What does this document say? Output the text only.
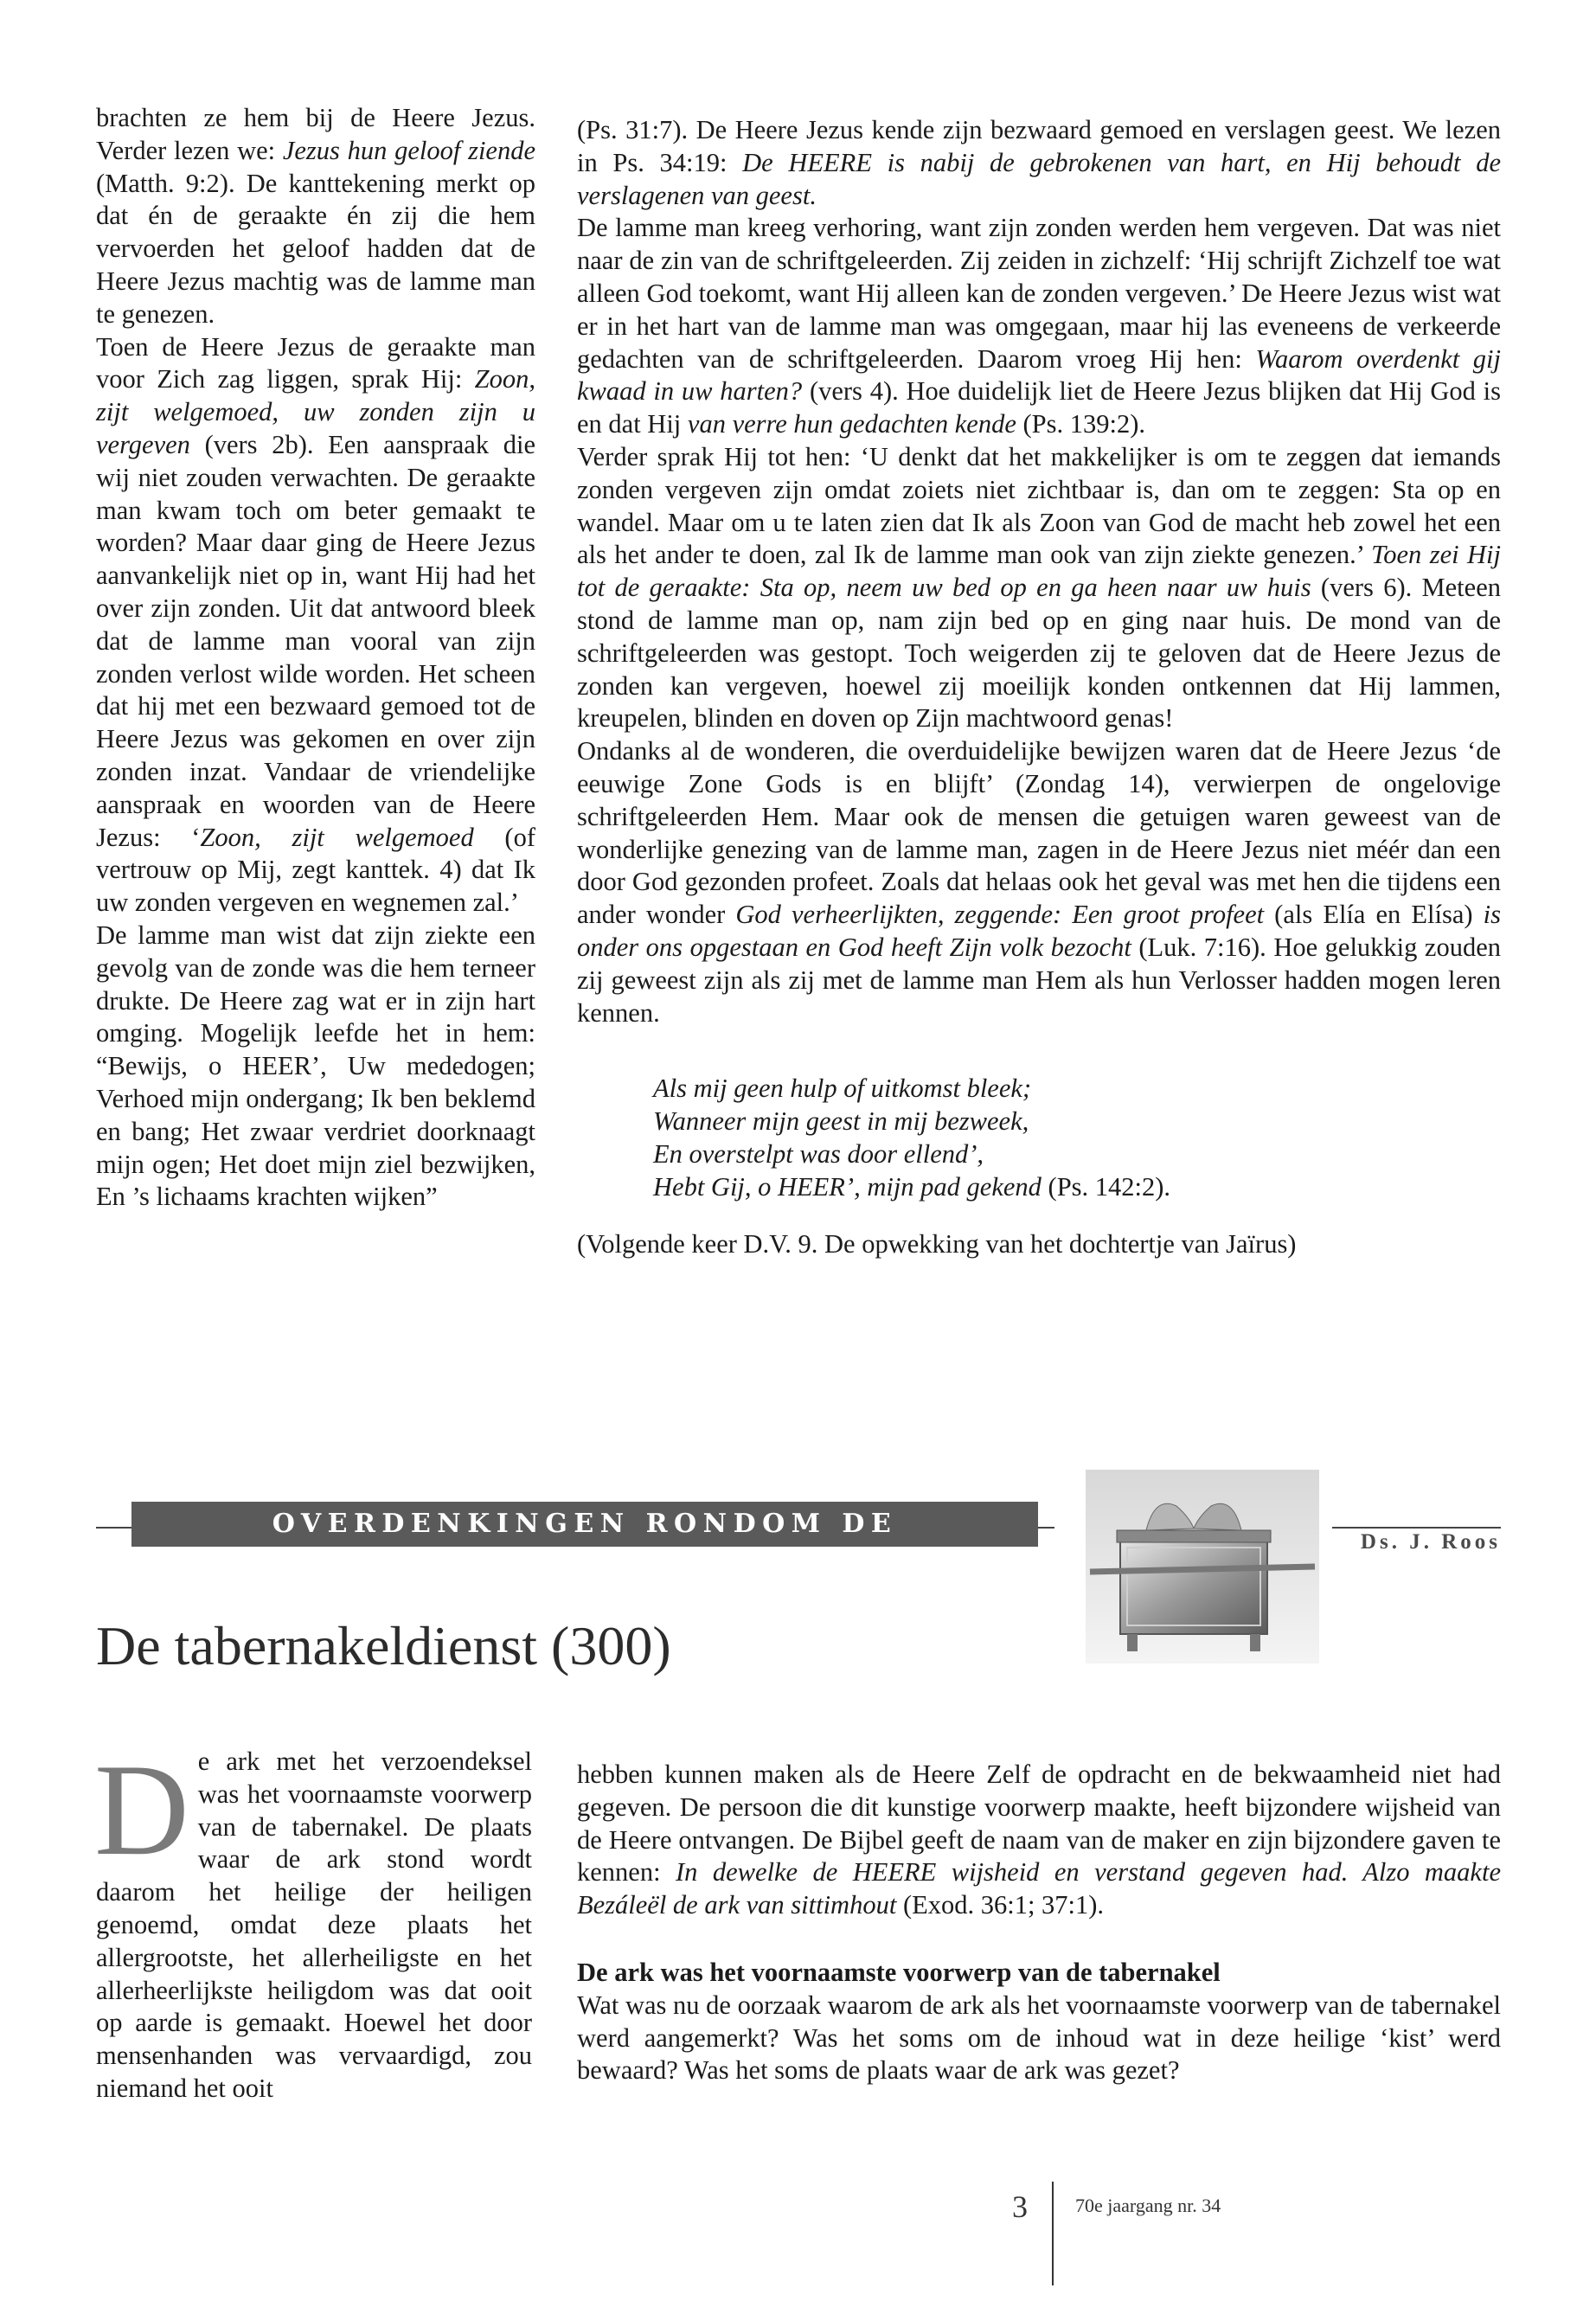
brachten ze hem bij de Heere Jezus. Verder lezen we: Jezus hun geloof ziende (Matth. 9:2). De kanttekening merkt op dat én de geraakte én zij die hem vervoerden het geloof hadden dat de Heere Jezus machtig was de lamme man te genezen.

Toen de Heere Jezus de geraakte man voor Zich zag liggen, sprak Hij: Zoon, zijt welgemoed, uw zonden zijn u vergeven (vers 2b). Een aanspraak die wij niet zouden verwachten. De geraakte man kwam toch om beter gemaakt te worden? Maar daar ging de Heere Jezus aanvankelijk niet op in, want Hij had het over zijn zonden. Uit dat antwoord bleek dat de lamme man vooral van zijn zonden verlost wilde worden. Het scheen dat hij met een bezwaard gemoed tot de Heere Jezus was gekomen en over zijn zonden inzat. Vandaar de vriendelijke aanspraak en woorden van de Heere Jezus: ‘Zoon, zijt welgemoed (of vertrouw op Mij, zegt kanttek. 4) dat Ik uw zonden vergeven en wegnemen zal.’

De lamme man wist dat zijn ziekte een gevolg van de zonde was die hem terneer drukte. De Heere zag wat er in zijn hart omging. Mogelijk leefde het in hem: “Bewijs, o HEER’, Uw mededogen; Verhoed mijn ondergang; Ik ben beklemd en bang; Het zwaar verdriet doorknaagt mijn ogen; Het doet mijn ziel bezwijken, En ’s lichaams krachten wijken”

(Ps. 31:7). De Heere Jezus kende zijn bezwaard gemoed en verslagen geest. We lezen in Ps. 34:19: De HEERE is nabij de gebrokenen van hart, en Hij behoudt de verslagenen van geest.

De lamme man kreeg verhoring, want zijn zonden werden hem vergeven. Dat was niet naar de zin van de schriftgeleerden. Zij zeiden in zichzelf: ‘Hij schrijft Zichzelf toe wat alleen God toekomt, want Hij alleen kan de zonden vergeven.’ De Heere Jezus wist wat er in het hart van de lamme man was omgegaan, maar hij las eveneens de verkeerde gedachten van de schriftgeleerden. Daarom vroeg Hij hen: Waarom overdenkt gij kwaad in uw harten? (vers 4). Hoe duidelijk liet de Heere Jezus blijken dat Hij God is en dat Hij van verre hun gedachten kende (Ps. 139:2).

Verder sprak Hij tot hen: ‘U denkt dat het makkelijker is om te zeggen dat iemands zonden vergeven zijn omdat zoiets niet zichtbaar is, dan om te zeggen: Sta op en wandel. Maar om u te laten zien dat Ik als Zoon van God de macht heb zowel het een als het ander te doen, zal Ik de lamme man ook van zijn ziekte genezen.’ Toen zei Hij tot de geraakte: Sta op, neem uw bed op en ga heen naar uw huis (vers 6). Meteen stond de lamme man op, nam zijn bed op en ging naar huis. De mond van de schriftgeleerden was gestopt. Toch weigerden zij te geloven dat de Heere Jezus de zonden kan vergeven, hoewel zij moeilijk konden ontkennen dat Hij lammen, kreupelen, blinden en doven op Zijn machtwoord genas!

Ondanks al de wonderen, die overduidelijke bewijzen waren dat de Heere Jezus ‘de eeuwige Zone Gods is en blijft’ (Zondag 14), verwierpen de ongelovige schriftgeleerden Hem. Maar ook de mensen die getuigen waren geweest van de wonderlijke genezing van de lamme man, zagen in de Heere Jezus niet méér dan een door God gezonden profeet. Zoals dat helaas ook het geval was met hen die tijdens een ander wonder God verheerlijkten, zeggende: Een groot profeet (als Elía en Elísa) is onder ons opgestaan en God heeft Zijn volk bezocht (Luk. 7:16). Hoe gelukkig zouden zij geweest zijn als zij met de lamme man Hem als hun Verlosser hadden mogen leren kennen.

Als mij geen hulp of uitkomst bleek;
Wanneer mijn geest in mij bezweek,
En overstelpt was door ellend’,
Hebt Gij, o HEER’, mijn pad gekend (Ps. 142:2).

(Volgende keer D.V. 9. De opwekking van het dochtertje van Jaïrus)

OVERDENKINGEN RONDOM DE TABERNAKEL
Ds. J. Roos
De tabernakeldienst (300)

D e ark met het verzoendeksel was het voornaamste voorwerp van de tabernakel. De plaats waar de ark stond wordt daarom het heilige der heiligen genoemd, omdat deze plaats het allergrootste, het allerheiligste en het allerheerlijkste heiligdom was dat ooit op aarde is gemaakt. Hoewel het door mensenhanden was vervaardigd, zou niemand het ooit

hebben kunnen maken als de Heere Zelf de opdracht en de bekwaamheid niet had gegeven. De persoon die dit kunstige voorwerp maakte, heeft bijzondere wijsheid van de Heere ontvangen. De Bijbel geeft de naam van de maker en zijn bijzondere gaven te kennen: In dewelke de HEERE wijsheid en verstand gegeven had. Alzo maakte Bezáleël de ark van sittimhout (Exod. 36:1; 37:1).

De ark was het voornaamste voorwerp van de tabernakel

Wat was nu de oorzaak waarom de ark als het voornaamste voorwerp van de tabernakel werd aangemerkt? Was het soms om de inhoud wat in deze heilige ‘kist’ werd bewaard? Was het soms de plaats waar de ark was gezet?

3	70e jaargang nr. 34
